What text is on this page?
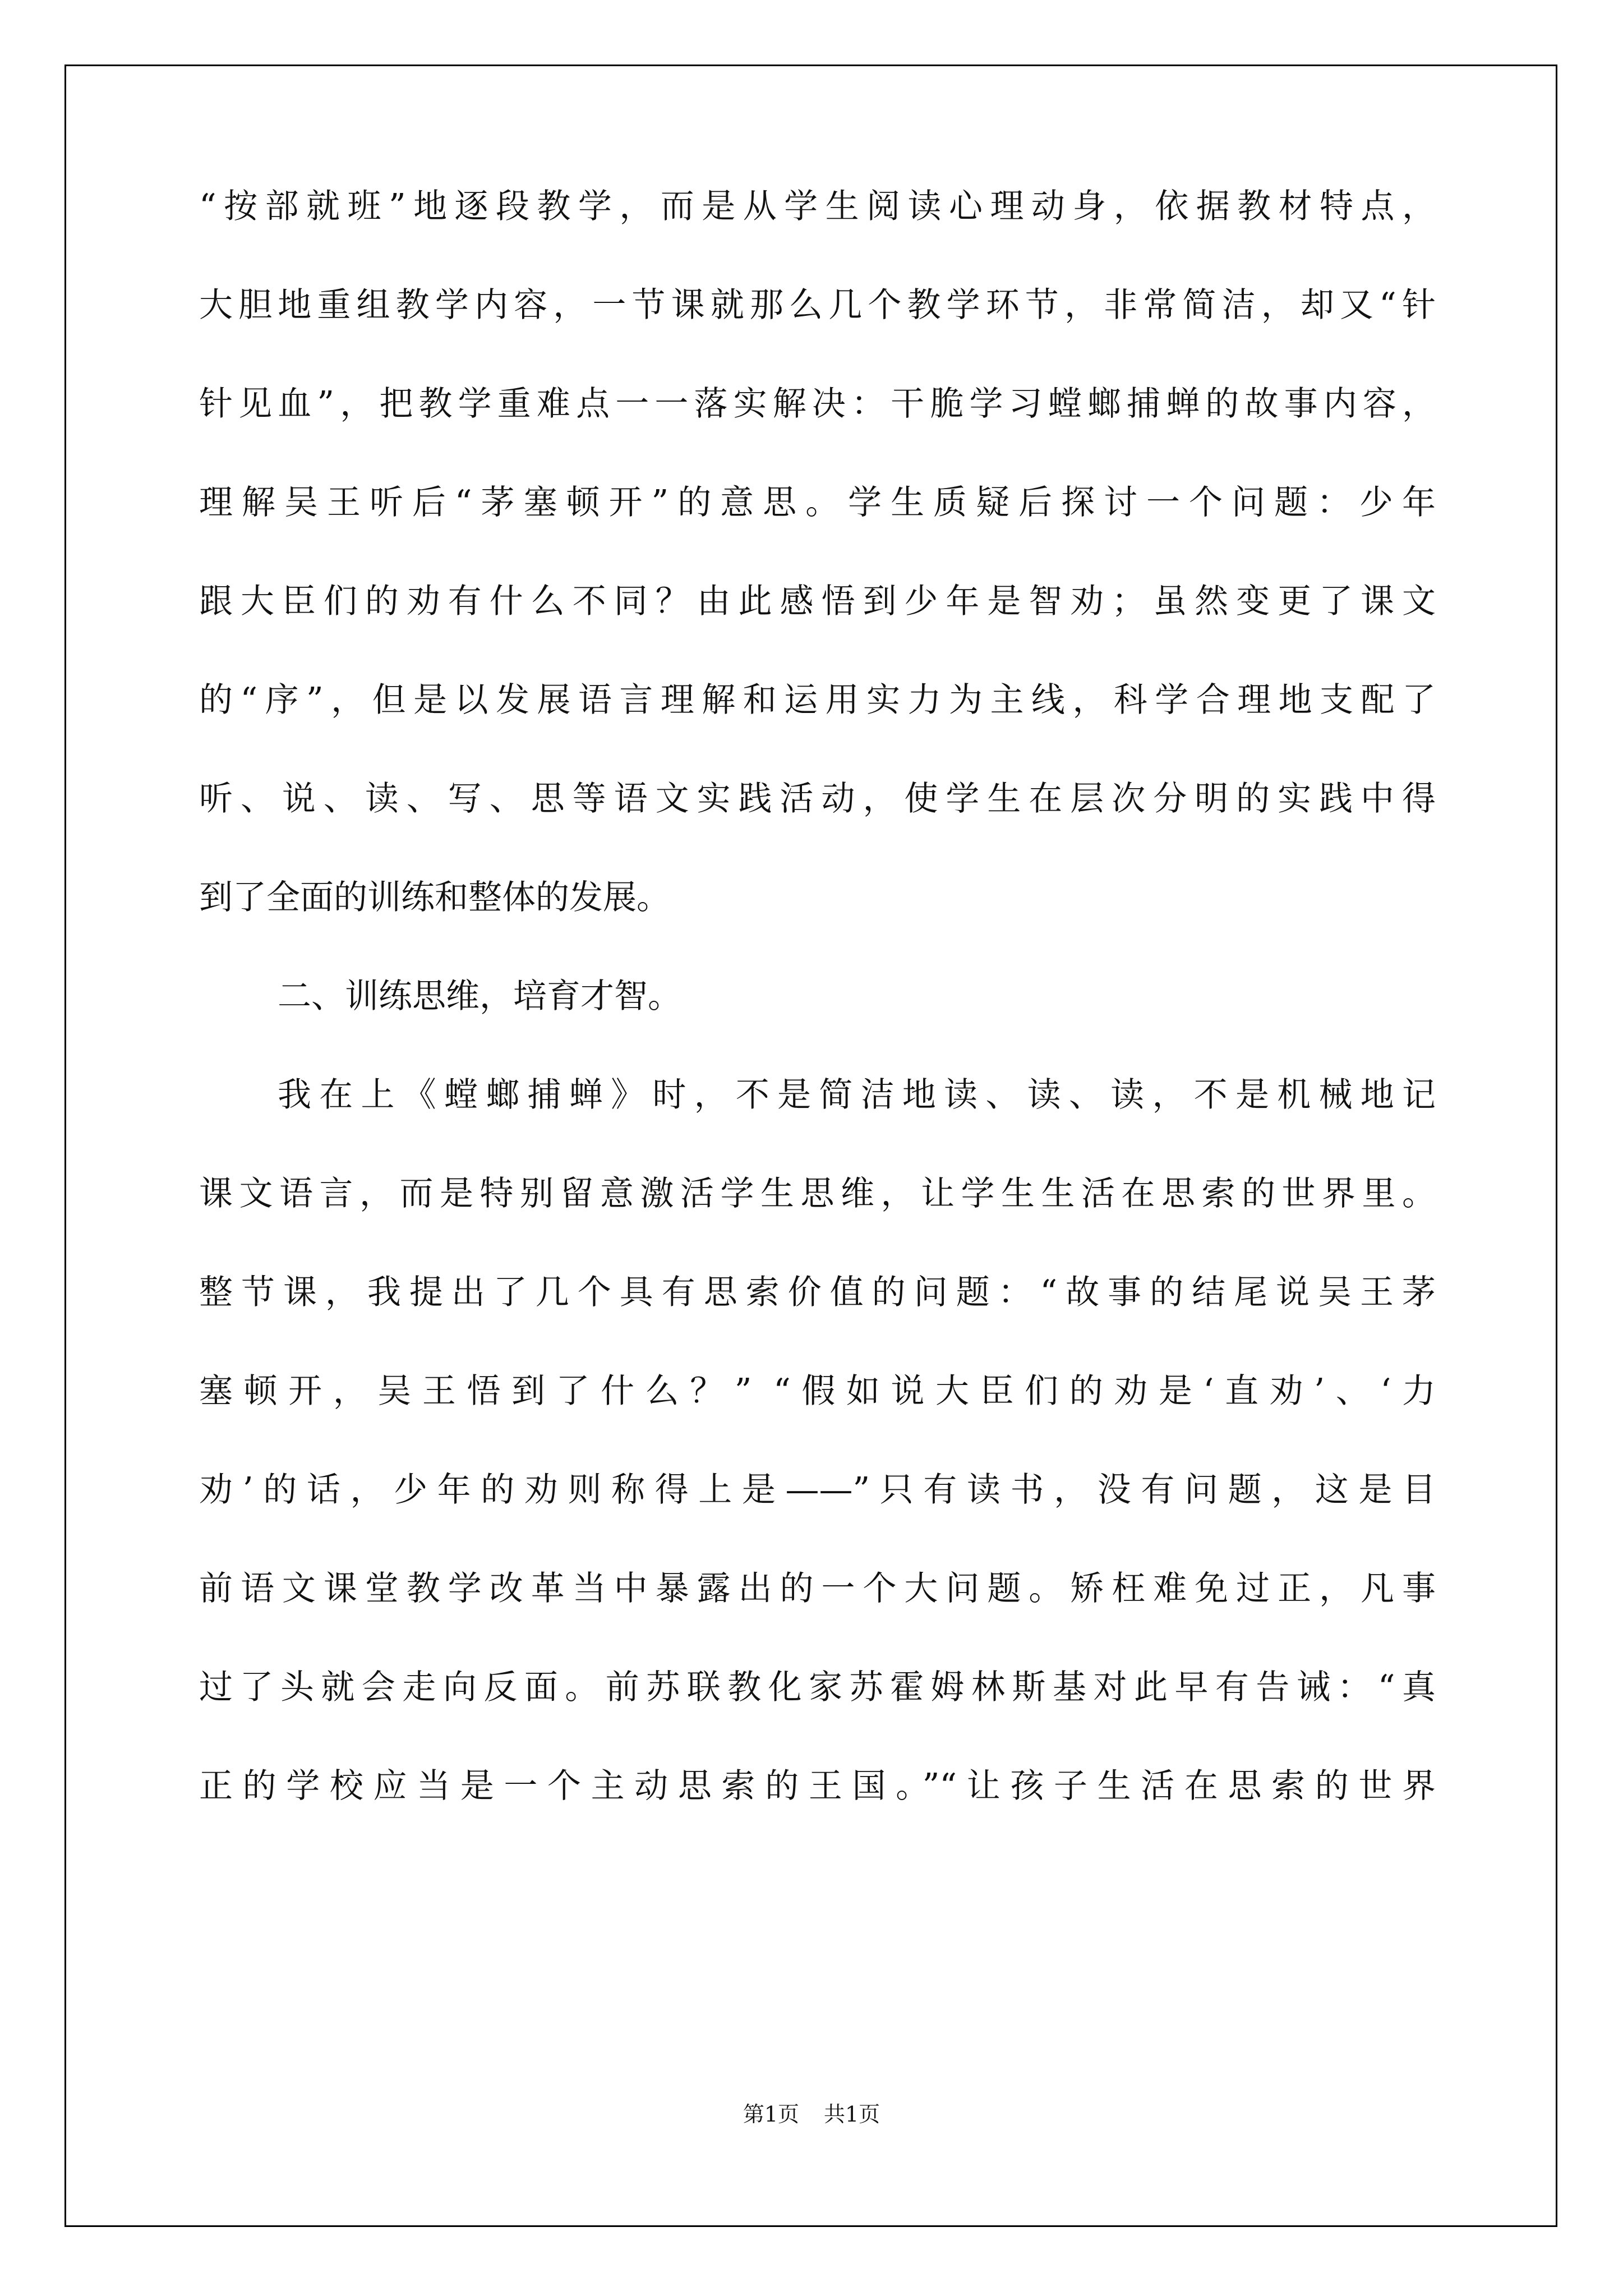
“按部就班”地逐段教学，而是从学生阅读心理动身，依据教材特点，
大胆地重组教学内容，一节课就那么几个教学环节，非常简洁，却又“针
针见血”，把教学重难点一一落实解决：干脆学习螳螂捕蝉的故事内容，
理解吴王听后“茅塞顿开”的意思。学生质疑后探讨一个问题：少年
跟大臣们的劝有什么不同？由此感悟到少年是智劝；虽然变更了课文
的“序”，但是以发展语言理解和运用实力为主线，科学合理地支配了
听、说、读、写、思等语文实践活动，使学生在层次分明的实践中得
到了全面的训练和整体的发展。
二、训练思维，培育才智。
我在上《螳螂捕蝉》时，不是简洁地读、读、读，不是机械地记
课文语言，而是特别留意激活学生思维，让学生生活在思索的世界里。
整节课，我提出了几个具有思索价值的问题：“故事的结尾说吴王茅
塞顿开，吴王悟到了什么？” “假如说大臣们的劝是‘直劝’、‘力
劝’的话，少年的劝则称得上是——”只有读书，没有问题，这是目
前语文课堂教学改革当中暴露出的一个大问题。矫枉难免过正，凡事
过了头就会走向反面。前苏联教化家苏霍姆林斯基对此早有告诫：“真
正的学校应当是一个主动思索的王国。”“让孩子生活在思索的世界
第1页 共1页
